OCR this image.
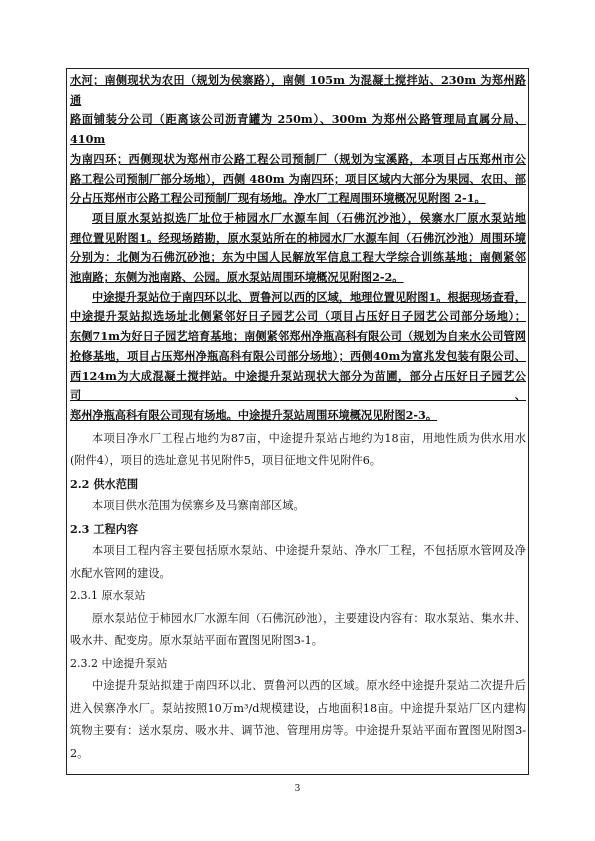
水河；南侧现状为农田（规划为侯寨路），南侧 105m 为混凝土搅拌站、230m 为郑州路通

路面铺装分公司（距离该公司沥青罐为 250m）、300m 为郑州公路管理局直属分局、410m

为南四环；西侧现状为郑州市公路工程公司预制厂（规划为宝溪路，本项目占压郑州市公

路工程公司预制厂部分场地），西侧 480m 为南四环；项目区域内大部分为果园、农田、部

分占压郑州市公路工程公司预制厂现有场地。净水厂工程周围环境概况见附图 2-1。

项目原水泵站拟选厂址位于柿园水厂水源车间（石佛沉沙池），侯寨水厂原水泵站地

理位置见附图1。经现场踏勘，原水泵站所在的柿园水厂水源车间（石佛沉沙池）周围环境

分别为：北侧为石佛沉砂池；东为中国人民解放军信息工程大学综合训练基地；南侧紧邻

池南路；东侧为池南路、公园。原水泵站周围环境概况见附图2-2。

中途提升泵站位于南四环以北、贾鲁河以西的区域，地理位置见附图1。根据现场查看，

中途提升泵站拟选场址北侧紧邻好日子园艺公司（项目占压好日子园艺公司部分场地）；

东侧71m为好日子园艺培育基地；南侧紧邻郑州净瓶高科有限公司（规划为自来水公司管网

抢修基地，项目占压郑州净瓶高科有限公司部分场地）；西侧40m为富兆发包装有限公司、

西124m为大成混凝土搅拌站。中途提升泵站现状大部分为苗圃，部分占压好日子园艺公司、

郑州净瓶高科有限公司现有场地。中途提升泵站周围环境概况见附图2-3。

本项目净水厂工程占地约为87亩，中途提升泵站占地约为18亩，用地性质为供水用水(附件4），项目的选址意见书见附件5，项目征地文件见附件6。

2.2 供水范围

本项目供水范围为侯寨乡及马寨南部区域。

2.3 工程内容

本项目工程内容主要包括原水泵站、中途提升泵站、净水厂工程，不包括原水管网及净水配水管网的建设。

2.3.1 原水泵站

原水泵站位于柿园水厂水源车间（石佛沉砂池），主要建设内容有：取水泵站、集水井、吸水井、配变房。原水泵站平面布置图见附图3-1。

2.3.2 中途提升泵站

中途提升泵站拟建于南四环以北、贾鲁河以西的区域。原水经中途提升泵站二次提升后进入侯寨净水厂。泵站按照10万m³/d规模建设，占地面积18亩。中途提升泵站厂区内建构筑物主要有：送水泵房、吸水井、调节池、管理用房等。中途提升泵站平面布置图见附图3-2。

3
